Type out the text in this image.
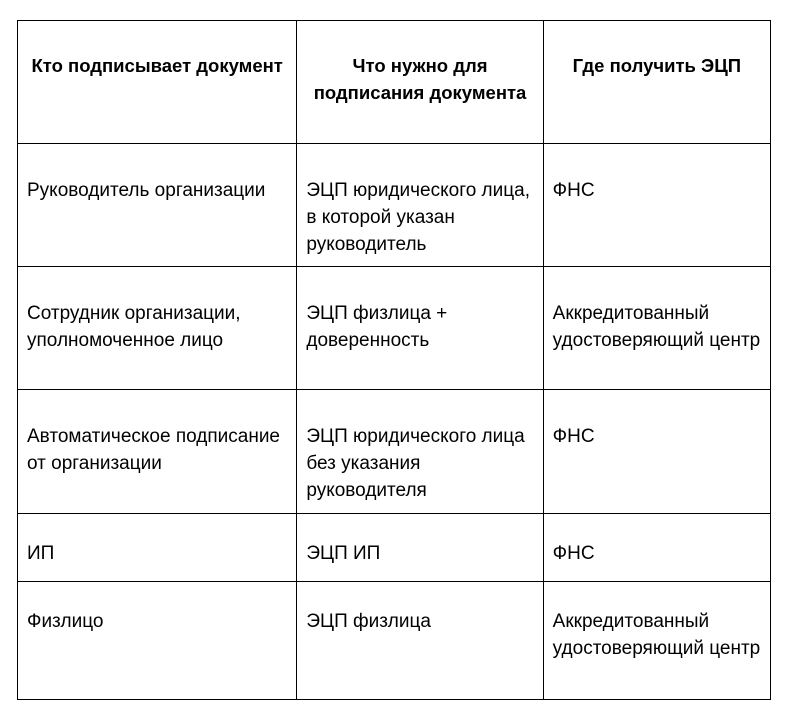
Кто подписывает документ	Что нужно для подписания документа	Где получить ЭЦП

Руководитель организации	ЭЦП юридического лица, в которой указан руководитель	ФНС

Сотрудник организации, уполномоченное лицо	ЭЦП физлица + доверенность	Аккредитованный удостоверяющий центр

Автоматическое подписание от организации	ЭЦП юридического лица без указания руководителя	ФНС

ИП	ЭЦП ИП	ФНС

Физлицо	ЭЦП физлица	Аккредитованный удостоверяющий центр
